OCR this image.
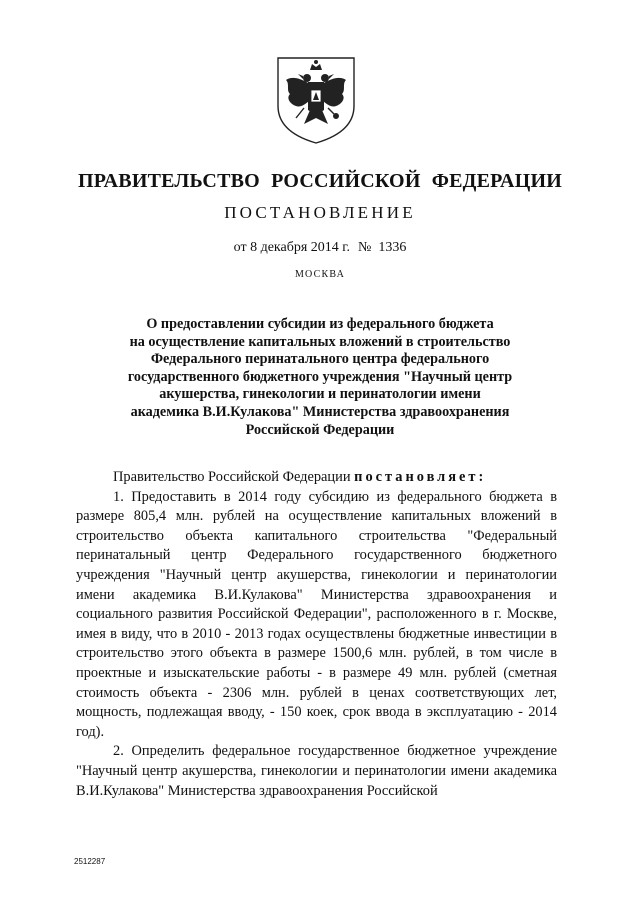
ПРАВИТЕЛЬСТВО РОССИЙСКОЙ ФЕДЕРАЦИИ
ПОСТАНОВЛЕНИЕ
от 8 декабря 2014 г. № 1336
МОСКВА
О предоставлении субсидии из федерального бюджета
на осуществление капитальных вложений в строительство
Федерального перинатального центра федерального
государственного бюджетного учреждения "Научный центр
акушерства, гинекологии и перинатологии имени
академика В.И.Кулакова" Министерства здравоохранения
Российской Федерации

Правительство Российской Федерации постановляет:

1. Предоставить в 2014 году субсидию из федерального бюджета в размере 805,4 млн. рублей на осуществление капитальных вложений в строительство объекта капитального строительства "Федеральный перинатальный центр Федерального государственного бюджетного учреждения "Научный центр акушерства, гинекологии и перинатологии имени академика В.И.Кулакова" Министерства здравоохранения и социального развития Российской Федерации", расположенного в г. Москве, имея в виду, что в 2010 - 2013 годах осуществлены бюджетные инвестиции в строительство этого объекта в размере 1500,6 млн. рублей, в том числе в проектные и изыскательские работы - в размере 49 млн. рублей (сметная стоимость объекта - 2306 млн. рублей в ценах соответствующих лет, мощность, подлежащая вводу, - 150 коек, срок ввода в эксплуатацию - 2014 год).

2. Определить федеральное государственное бюджетное учреждение "Научный центр акушерства, гинекологии и перинатологии имени академика В.И.Кулакова" Министерства здравоохранения Российской

2512287
